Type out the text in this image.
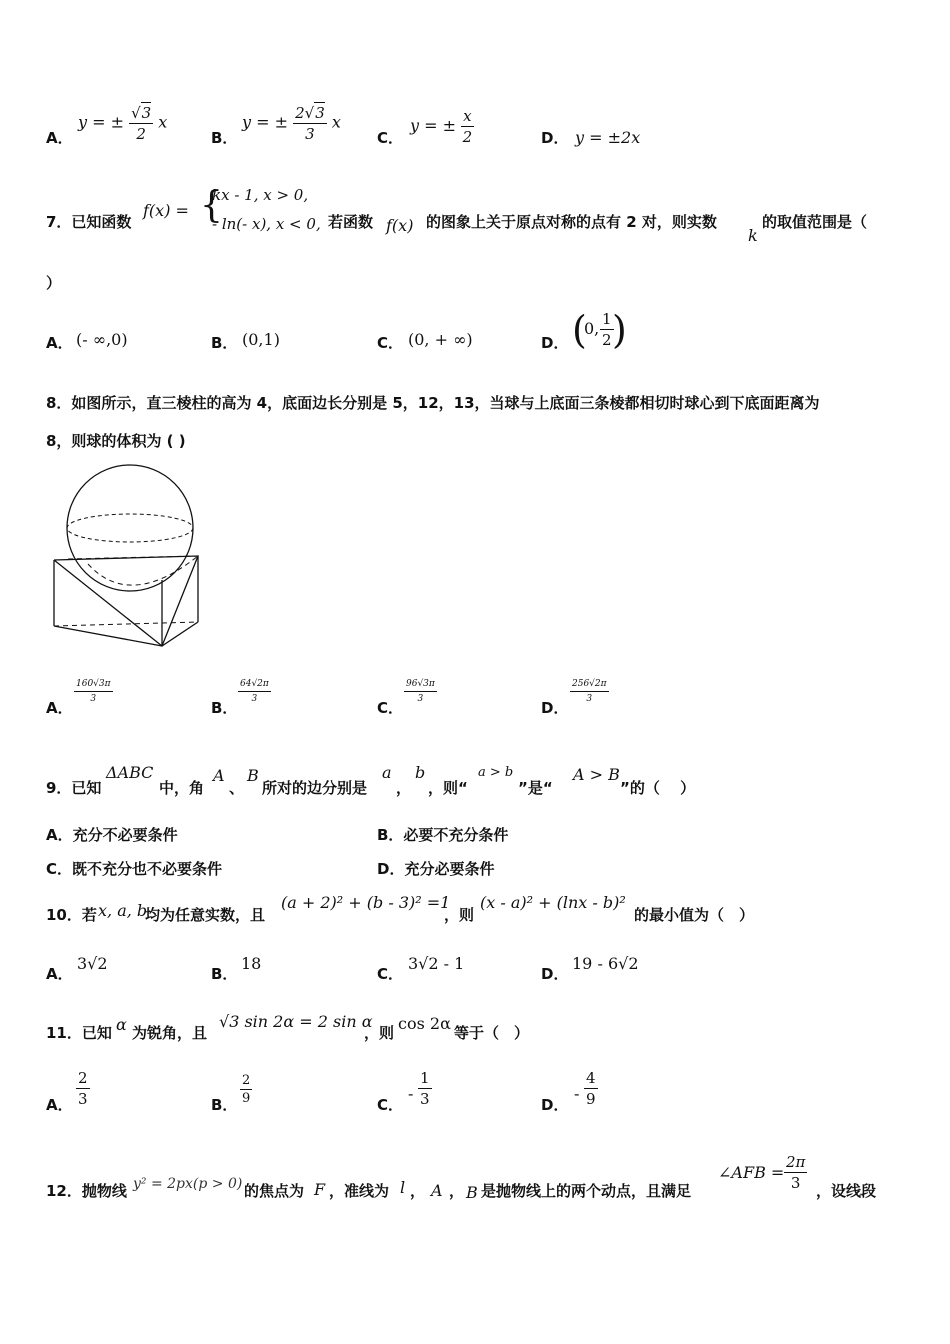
A．
y = ± $\frac{√3}{2}$ x
B．
y = ± $\frac{2√3}{3}$ x
C．
y = ± $\frac{x}{2}$	D． y = ±2x
7．已知函数
f(x) = {
kx - 1, x > 0,
- ln(- x), x < 0, 若函数 f(x) 的图象上关于原点对称的点有 2 对，则实数
k
的取值范围是（
）
A． (- ∞,0)	B． (0,1)	C． (0, + ∞)	D． (
0, $\frac{1}{2}$
)
8．如图所示，直三棱柱的高为 4，底面边长分别是 5，12，13，当球与上底面三条棱都相切时球心到下底面距离为
8，则球的体积为 ( )
A．
$\frac{160√3\pi}{3}$
B．
$\frac{64√2\pi}{3}$
C．
$\frac{96√3\pi}{3}$
D．
$\frac{256√2\pi}{3}$
9．已知
ΔABC
中，角
A
、
B
所对的边分别是
a
，
b
，则“
a > b
”是“
A > B
”的（　 ）
A．充分不必要条件	B．必要不充分条件
C．既不充分也不必要条件	D．充分必要条件
10．若 x, a, b
均为任意实数，且
(a + 2)² + (b - 3)² =1
，则
(x - a)² + (lnx - b)²
的最小值为（　）
A．
3√2
B．
18
C．
3√2 - 1
D．
19 - 6√2
11．已知 α 为锐角，且
√3 sin 2α = 2 sin α
，则 cos 2α 等于（　）
A． $\frac{2}{3}$	B． $\frac{2}{9}$	C．
- $\frac{1}{3}$	D．
- $\frac{4}{9}$
12．抛物线 y² = 2px(p > 0) 的焦点为 F ，准线为 l ， A ， B 是抛物线上的两个动点，且满足
∠AFB = $\frac{2\pi}{3}$ ，设线段
